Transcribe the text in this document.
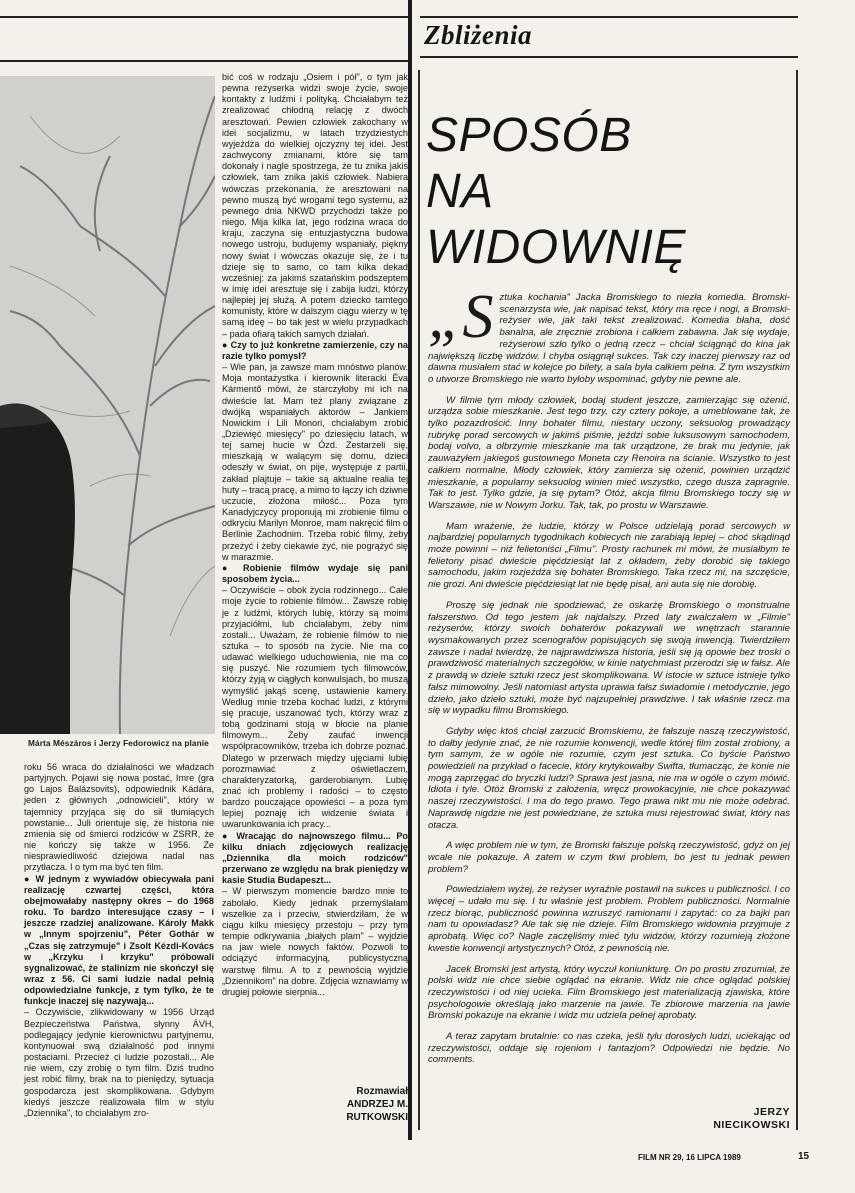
Zbliżenia
Márta Mészáros i Jerzy Fedorowicz na planie

roku 56 wraca do działalności we władzach partyjnych. Pojawi się nowa postać, Imre (gra go Lajos Balázsovits), odpowiednik Kádára, jeden z głównych „odnowicieli", który w tajemnicy przyjąca się do sił tłumiących powstanie... Juli orientuje się, że historia nie zmienia się od śmierci rodziców w ZSRR, że nie kończy się także w 1956. Ze niesprawiedliwość dziejowa nadal nas przytłacza. I o tym ma być ten film.

● W jednym z wywiadów obiecywała pani realizację czwartej części, która obejmowałaby następny okres – do 1968 roku. To bardzo interesujące czasy – i jeszcze rzadziej analizowane. Károly Makk w „Innym spojrzeniu", Péter Gothár w „Czas się zatrzymuje" i Zsolt Kézdi-Kovács w „Krzyku i krzyku" próbowali sygnalizować, że stalinizm nie skończył się wraz z 56. Ci sami ludzie nadal pełnią odpowiedzialne funkcje, z tym tylko, że te funkcje inaczej się nazywają...

– Oczywiście, zlikwidowany w 1956 Urząd Bezpieczeństwa Państwa, słynny ÁVH, podlegający jedynie kierownictwu partyjnemu, kontynuował swą działalność pod innymi postaciami. Przecież ci ludzie pozostali... Ale nie wiem, czy zrobię o tym film. Dziś trudno jest robić filmy, brak na to pieniędzy, sytuacja gospodarcza jest skomplikowana. Gdybym kiedyś jeszcze realizowała film w stylu „Dziennika", to chciałabym zro-

bić coś w rodzaju „Osiem i pół", o tym jak pewna reżyserka widzi swoje życie, swoje kontakty z ludźmi i polityką. Chciałabym też zrealizować chłodną relację z dwóch aresztowań. Pewien człowiek zakochany w idei socjalizmu, w latach trzydziestych wyjeżdża do wielkiej ojczyzny tej idei. Jest zachwycony zmianami, które się tam dokonały i nagle spostrzega, że tu znika jakiś człowiek, tam znika jakiś człowiek. Nabiera wówczas przekonania, że aresztowani na pewno muszą być wrogami tego systemu, aż pewnego dnia NKWD przychodzi także po niego. Mija kilka lat, jego rodzina wraca do kraju, zaczyna się entuzjastyczna budowa nowego ustroju, budujemy wspaniały, piękny nowy świat i wówczas okazuje się, że i tu dzieje się to samo, co tam kilka dekad wcześniej: za jakimś szatańskim podszeptem w imię idei aresztuje się i zabija ludzi, którzy najlepiej jej służą. A potem dziecko tamtego komunisty, które w dalszym ciągu wierzy w tę samą ideę – bo tak jest w wielu przypadkach – pada ofiarą takich samych działań.

● Czy to już konkretne zamierzenie, czy na razie tylko pomysł?

– Wie pan, ja zawsze mam mnóstwo planów. Moja montażystka i kierownik literacki Éva Kármentő mówi, że starczyłoby mi ich na dwieście lat. Mam też plany związane z dwójką wspaniałych aktorów – Jankiem Nowickim i Lili Monori, chciałabym zrobić „Dziewięć miesięcy" po dziesięciu latach, w tej samej hucie w Ózd. Zestarzeli się, mieszkają w walącym się domu, dzieci odeszły w świat, on pije, występuje z partii, zakład plajtuje – takie są aktualne realia tej huty – tracą pracę, a mimo to łączy ich dziwne uczucie, złożona miłość... Poza tym Kanadyjczycy proponują mi zrobienie filmu o odkryciu Marilyn Monroe, mam nakręcić film o Berlinie Zachodnim. Trzeba robić filmy, żeby przeżyć i żeby ciekawie żyć, nie pogrążyć się w marazmie.

● Robienie filmów wydaje się pani sposobem życia...

– Oczywiście – obok życia rodzinnego... Całe moje życie to robienie filmów... Zawsze robię je z ludźmi, których lubię, którzy są moimi przyjaciółmi, lub chciałabym, żeby nimi zostali... Uważam, że robienie filmów to nie sztuka – to sposób na życie. Nie ma co udawać wielkiego uduchowienia, nie ma co się puszyć. Nie rozumiem tych filmowców, którzy żyją w ciągłych konwulsjach, bo muszą wymyślić jakąś scenę, ustawienie kamery. Według mnie trzeba kochać ludzi, z którymi się pracuje, uszanować tych, którzy wraz z tobą godzinami stoją w błocie na planie filmowym... Żeby zaufać inwencji współpracowników, trzeba ich dobrze poznać. Dlatego w przerwach między ujęciami lubię porozmawiać z oświetlaczem, charakteryzatorką, garderobianym. Lubię znać ich problemy i radości – to często bardzo pouczające opowieści – a poza tym lepiej poznaję ich widzenie świata i uwarunkowania ich pracy...

● Wracając do najnowszego filmu... Po kilku dniach zdjęciowych realizację „Dziennika dla moich rodziców" przerwano ze względu na brak pieniędzy w kasie Studia Budapeszt...

– W pierwszym momencie bardzo mnie to zabolało. Kiedy jednak przemyślałam wszelkie za i przeciw, stwierdziłam, że w ciągu kilku miesięcy przestoju – przy tym tempie odkrywania „białych plam" – wyjdzie na jaw wiele nowych faktów. Pozwoli to odciążyć informacyjną, publicystyczną warstwę filmu. A to z pewnością wyjdzie „Dziennikom" na dobre. Zdjęcia wznawiamy w drugiej połowie sierpnia...

Rozmawiał
ANDRZEJ M.
RUTKOWSKI
SPOSÓB
NA
WIDOWNIĘ

„Sztuka kochania" Jacka Bromskiego to niezła komedia. Bromski-scenarzysta wie, jak napisać tekst, który ma ręce i nogi, a Bromski-reżyser wie, jak taki tekst zrealizować. Komedia błaha, dość banalna, ale zręcznie zrobiona i całkiem zabawna. Jak się wydaje, reżyserowi szło tylko o jedną rzecz – chciał ściągnąć do kina jak największą liczbę widzów. I chyba osiągnął sukces. Tak czy inaczej pierwszy raz od dawna musiałem stać w kolejce po bilety, a sala była całkiem pełna. Z tym wszystkim o utworze Bromskiego nie warto byłoby wspominać, gdyby nie pewne ale.

W filmie tym młody człowiek, bodaj student jeszcze, zamierzając się ożenić, urządza sobie mieszkanie. Jest tego trzy, czy cztery pokoje, a umeblowane tak, że tylko pozazdrościć. Inny bohater filmu, niestary uczony, seksuolog prowadzący rubrykę porad sercowych w jakimś piśmie, jeździ sobie luksusowym samochodem, bodaj volvo, a olbrzymie mieszkanie ma tak urządzone, że brak mu jedynie, jak zauważyłem jakiegoś gustownego Moneta czy Renoira na ścianie. Wszystko to jest całkiem normalne. Młody człowiek, który zamierza się ożenić, powinien urządzić mieszkanie, a popularny seksuolog winien mieć wszystko, czego dusza zapragnie. Tak to jest. Tylko gdzie, ja się pytam? Otóż, akcja filmu Bromskiego toczy się w Warszawie, nie w Nowym Jorku. Tak, tak, po prostu w Warszawie.

Mam wrażenie, że ludzie, którzy w Polsce udzielają porad sercowych w najbardziej popularnych tygodnikach kobiecych nie zarabiają lepiej – choć skądinąd może powinni – niż felietoniści „Filmu". Prosty rachunek mi mówi, że musiałbym te felietony pisać dwieście pięćdziesiąt lat z okładem, żeby dorobić się takiego samochodu, jakim rozjeżdża się bohater Bromskiego. Taka rzecz mi, na szczęście, nie grozi. Ani dwieście pięćdziesiąt lat nie będę pisał, ani auta się nie dorobię.

Proszę się jednak nie spodziewać, że oskarżę Bromskiego o monstrualne fałszerstwo. Od tego jestem jak najdalszy. Przed laty zwalczałem w „Filmie" reżyserów, którzy swoich bohaterów pokazywali we wnętrzach starannie wysmakowanych przez scenografów popisujących się swoją inwencją. Twierdziłem zawsze i nadal twierdzę, że najprawdziwsza historia, jeśli się ją opowie bez troski o prawdziwość materialnych szczegółów, w kinie natychmiast przerodzi się w fałsz. Ale z prawdą w dziele sztuki rzecz jest skomplikowana. W istocie w sztuce istnieje tylko fałsz mimowolny. Jeśli natomiast artysta uprawia fałsz świadomie i metodycznie, jego dzieło, jako dzieło sztuki, może być najzupełniej prawdziwe. I tak właśnie rzecz ma się w wypadku filmu Bromskiego.

Gdyby więc ktoś chciał zarzucić Bromskiemu, że fałszuje naszą rzeczywistość, to dałby jedynie znać, że nie rozumie konwencji, wedle której film został zrobiony, a tym samym, że w ogóle nie rozumie, czym jest sztuka. Co byście Państwo powiedzieli na przykład o facecie, który krytykowałby Swifta, tłumacząc, że konie nie mogą zaprzęgać do bryczki ludzi? Sprawa jest jasna, nie ma w ogóle o czym mówić. Idiota i tyle. Otóż Bromski z założenia, wręcz prowokacyjnie, nie chce pokazywać naszej rzeczywistości. I ma do tego prawo. Tego prawa nikt mu nie może odebrać. Naprawdę nigdzie nie jest powiedziane, że sztuka musi rejestrować świat, który nas otacza.

A więc problem nie w tym, że Bromski fałszuje polską rzeczywistość, gdyż on jej wcale nie pokazuje. A zatem w czym tkwi problem, bo jest tu jednak pewien problem?

Powiedziałem wyżej, że reżyser wyraźnie postawił na sukces u publiczności. I co więcej – udało mu się. I tu właśnie jest problem. Problem publiczności. Normalnie rzecz biorąc, publiczność powinna wzruszyć ramionami i zapytać: co za bajki pan nam tu opowiadasz? Ale tak się nie dzieje. Film Bromskiego widownia przyjmuje z aprobatą. Więc co? Nagle zaczęliśmy mieć tylu widzów, którzy rozumieją złożone kwestie konwencji artystycznych? Otóż, z pewnością nie.

Jacek Bromski jest artystą, który wyczuł koniunkturę. On po prostu zrozumiał, że polski widz nie chce siebie oglądać na ekranie. Widz nie chce oglądać polskiej rzeczywistości i od niej ucieka. Film Bromskiego jest materializacją zjawiska, które psychologowie określają jako marzenie na jawie. Te zbiorowe marzenia na jawie Bromski pokazuje na ekranie i widz mu udziela pełnej aprobaty.

A teraz zapytam brutalnie: co nas czeka, jeśli tylu dorosłych ludzi, uciekając od rzeczywistości, oddaje się rojeniom i fantazjom? Odpowiedzi nie będzie. No comments.

JERZY
NIECIKOWSKI
FILM NR 29, 16 LIPCA 1989	15
